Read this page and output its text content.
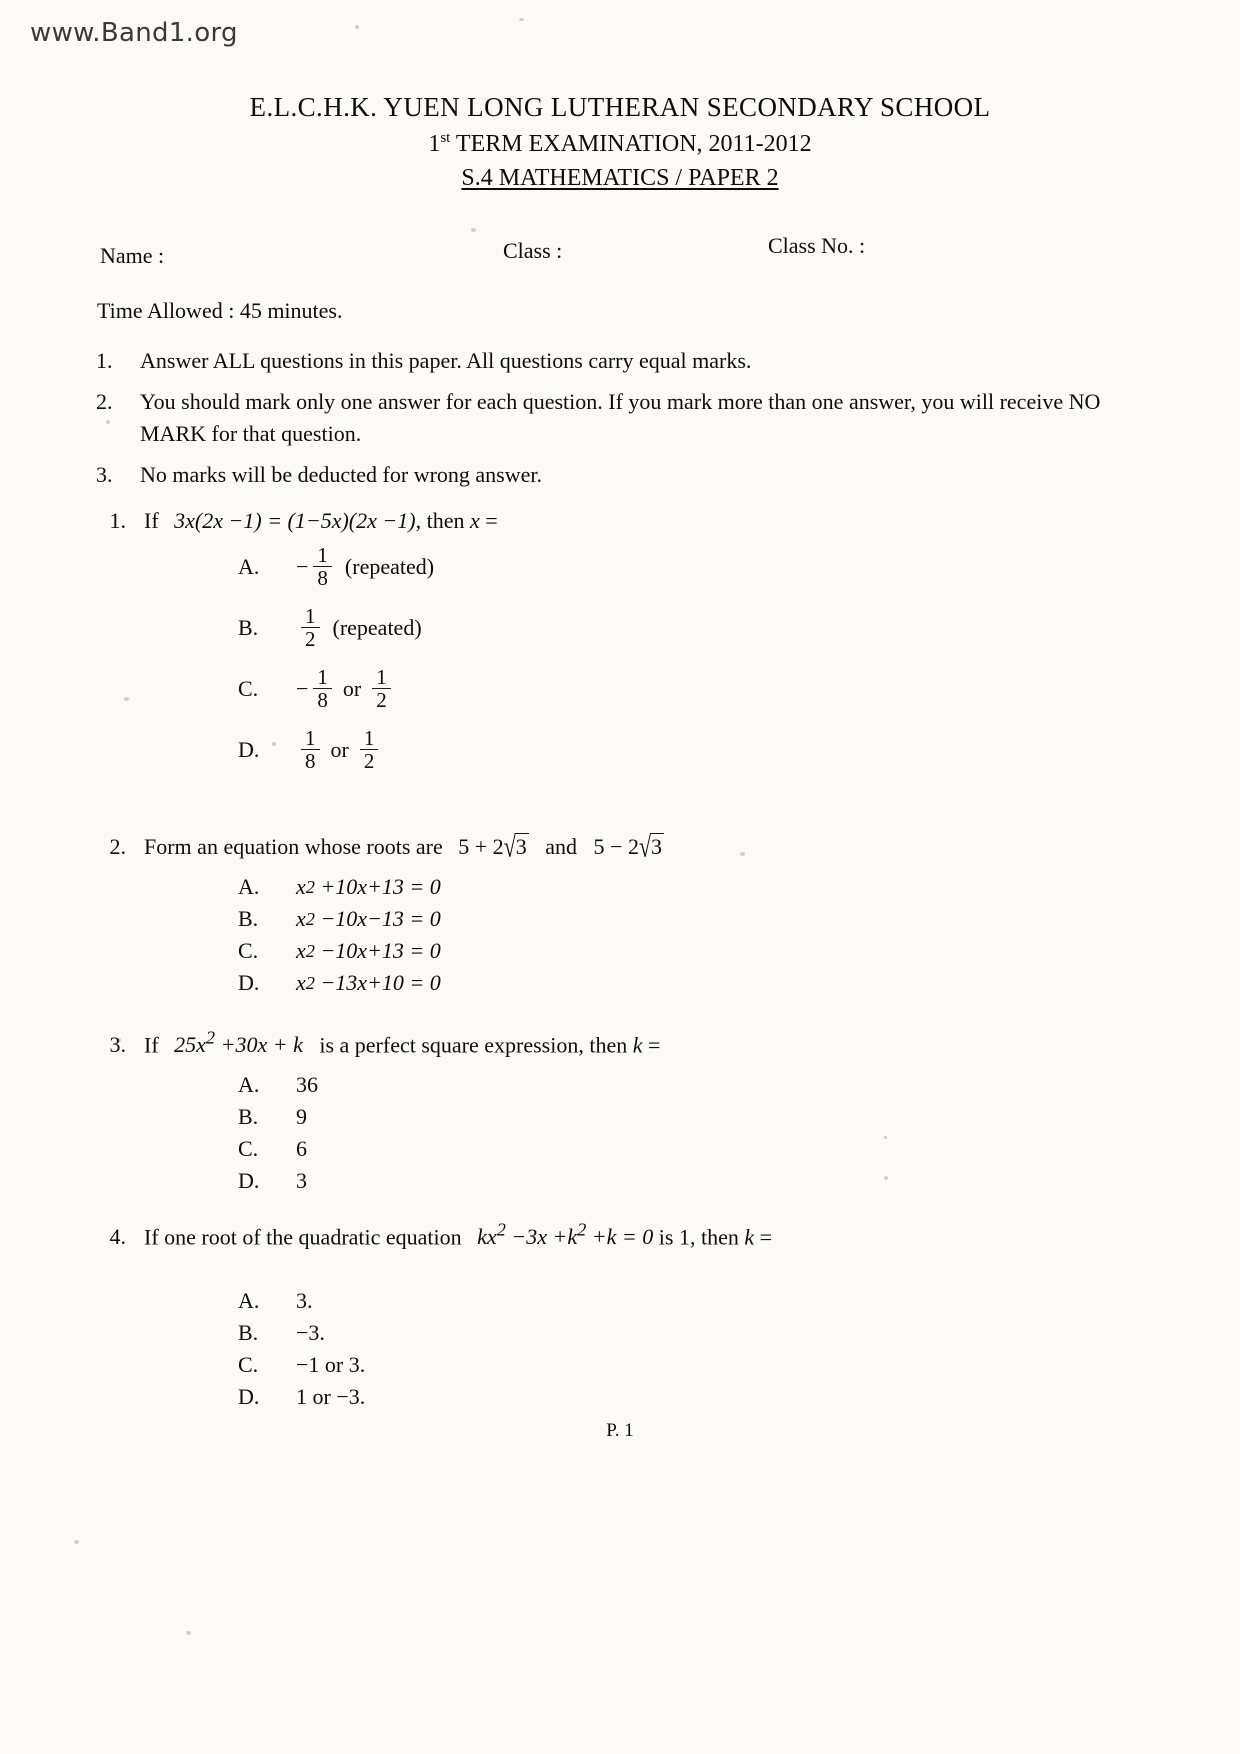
www.Band1.org
E.L.C.H.K. YUEN LONG LUTHERAN SECONDARY SCHOOL
1st TERM EXAMINATION, 2011-2012
S.4 MATHEMATICS / PAPER 2
Name :	Class :	Class No. :
Time Allowed : 45 minutes.
1.	Answer ALL questions in this paper. All questions carry equal marks.
2.	You should mark only one answer for each question. If you mark more than one answer, you will receive NO MARK for that question.
3.	No marks will be deducted for wrong answer.
1. If 3x(2x −1) = (1−5x)(2x −1), then x =
A.	− $\frac{1}{8}$ (repeated)
B.	$\frac{1}{2}$ (repeated)
C.	− $\frac{1}{8}$ or $\frac{1}{2}$
D.	$\frac{1}{8}$ or $\frac{1}{2}$
2. Form an equation whose roots are 5 + 2√3   and   5 − 2√3
A.	x 2 +10 x +13 = 0
B.	x 2 −10 x −13 = 0
C.	x 2 −10 x +13 = 0
D.	x 2 −13 x +10 = 0
3. If $25x^2 +30x + k$   is a perfect square expression, then k =
A.	36
B.	9
C.	6
D.	3
4. If one root of the quadratic equation $kx^2 -3x +k^2 +k = 0$ is 1, then k =
A.	3.
B.	−3.
C.	−1 or 3.
D.	1 or −3.
P. 1
